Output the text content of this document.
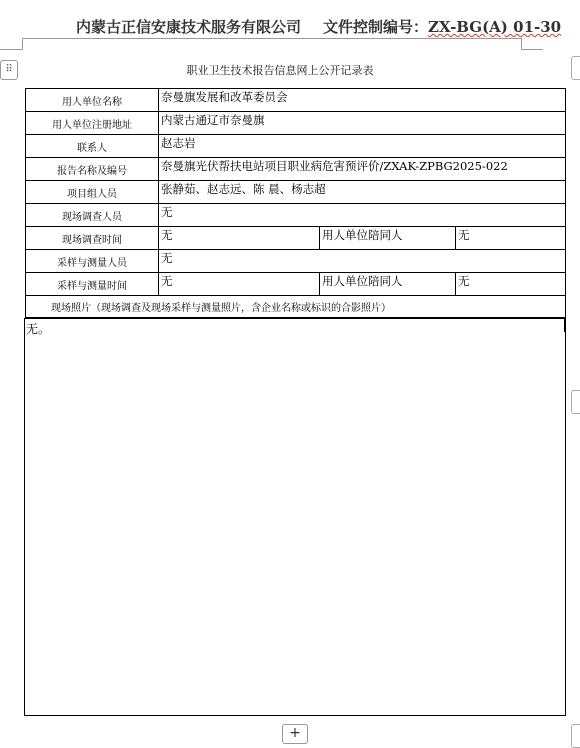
内蒙古正信安康技术服务有限公司 文件控制编号：ZX-BG(A) 01-30
⠿	职业卫生技术报告信息网上公开记录表
用人单位名称	奈曼旗发展和改革委员会		
用人单位注册地址	内蒙古通辽市奈曼旗		
联系人	赵志岩		
报告名称及编号	奈曼旗光伏帮扶电站项目职业病危害预评价/ZXAK-ZPBG2025-022		
项目组人员	张静茹、赵志远、陈 晨、杨志超		
现场调查人员	无		
现场调查时间	无	用人单位陪同人	无
采样与测量人员	无		
采样与测量时间	无	用人单位陪同人	无
现场照片（现场调查及现场采样与测量照片，含企业名称或标识的合影照片）			
无。
+
